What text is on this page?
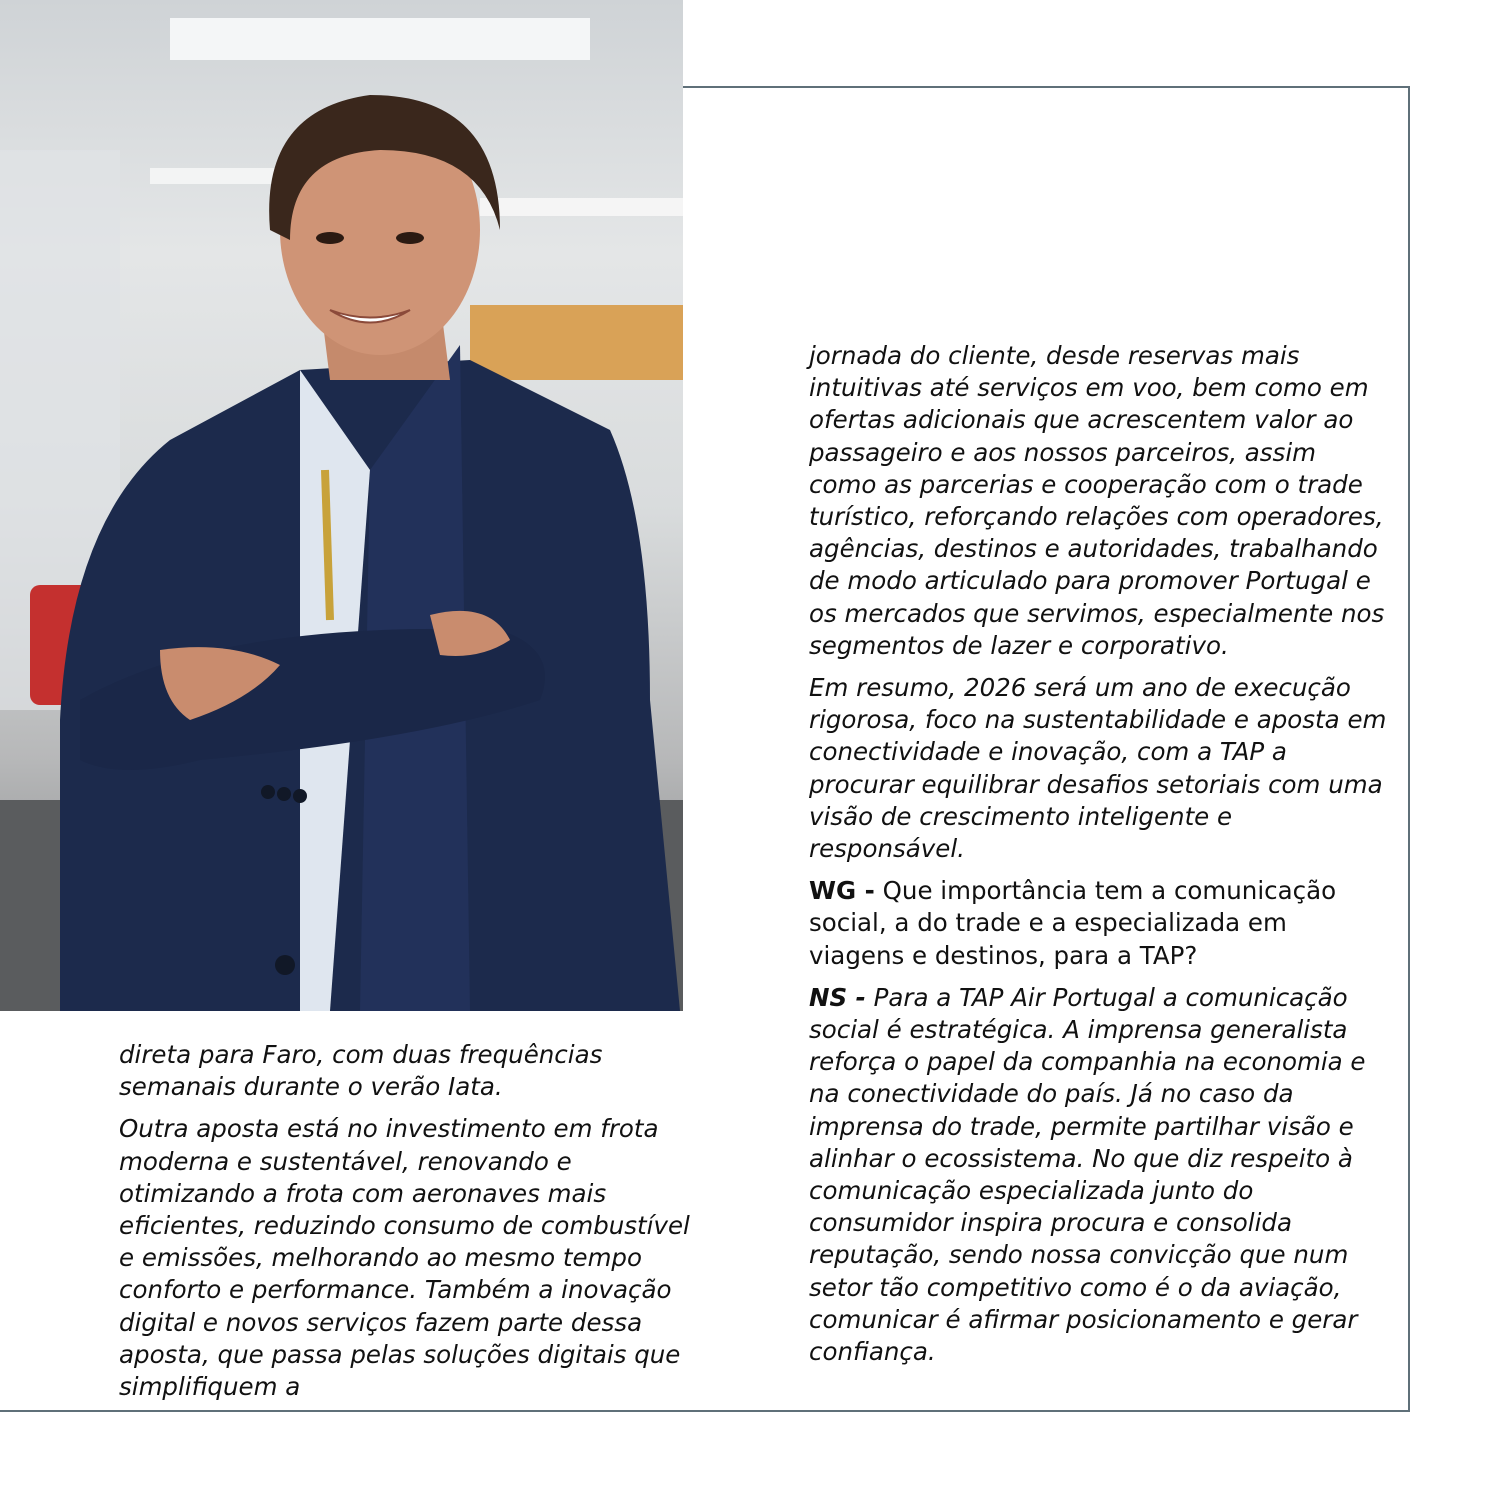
direta para Faro, com duas frequências semanais durante o verão Iata.

Outra aposta está no investimento em frota moderna e sustentável, renovando e otimizando a frota com aeronaves mais eficientes, reduzindo consumo de combustível e emissões, melhorando ao mesmo tempo conforto e performance. Também a inovação digital e novos serviços fazem parte dessa aposta, que passa pelas soluções digitais que simplifiquem a

jornada do cliente, desde reservas mais intuitivas até serviços em voo, bem como em ofertas adicionais que acrescentem valor ao passageiro e aos nossos parceiros, assim como as parcerias e cooperação com o trade turístico, reforçando relações com operadores, agências, destinos e autoridades, trabalhando de modo articulado para promover Portugal e os mercados que servimos, especialmente nos segmentos de lazer e corporativo.

Em resumo, 2026 será um ano de execução rigorosa, foco na sustentabilidade e aposta em conectividade e inovação, com a TAP a procurar equilibrar desafios setoriais com uma visão de crescimento inteligente e responsável.

WG - Que importância tem a comunicação social, a do trade e a especializada em viagens e destinos, para a TAP?

NS - Para a TAP Air Portugal a comunicação social é estratégica. A imprensa generalista reforça o papel da companhia na economia e na conectividade do país. Já no caso da imprensa do trade, permite partilhar visão e alinhar o ecossistema. No que diz respeito à comunicação especializada junto do consumidor inspira procura e consolida reputação, sendo nossa convicção que num setor tão competitivo como é o da aviação, comunicar é afirmar posicionamento e gerar confiança.
